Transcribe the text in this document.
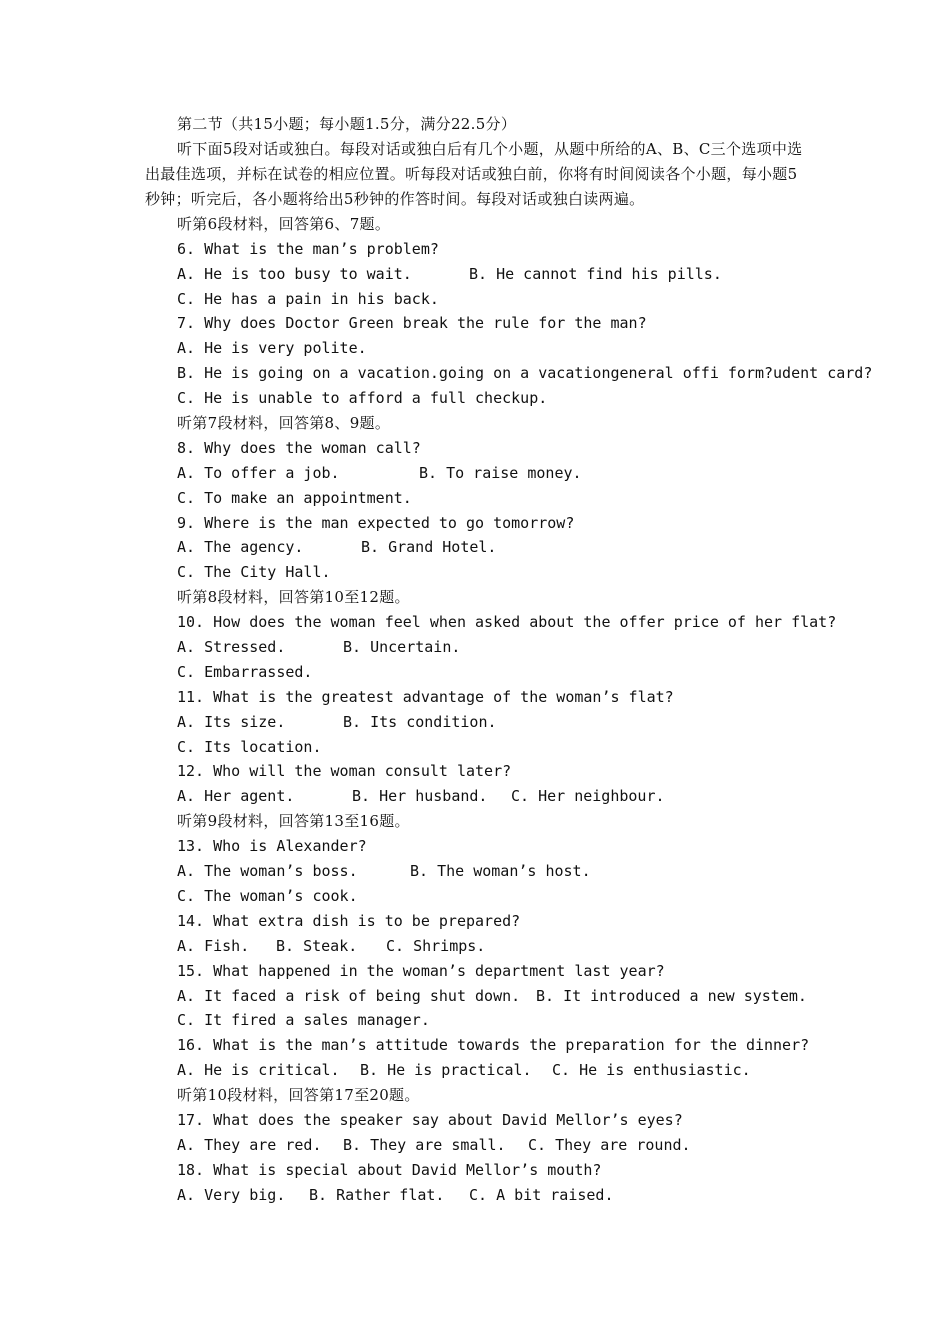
第二节（共15小题；每小题1.5分，满分22.5分）
听下面5段对话或独白。每段对话或独白后有几个小题，从题中所给的A、B、C三个选项中选出最佳选项，并标在试卷的相应位置。听每段对话或独白前，你将有时间阅读各个小题，每小题5秒钟；听完后，各小题将给出5秒钟的作答时间。每段对话或独白读两遍。
听第6段材料，回答第6、7题。
6. What is the man’s problem?
A. He is too busy to wait.	B. He cannot find his pills.
C. He has a pain in his back.
7. Why does Doctor Green break the rule for the man?
A. He is very polite.
B. He is going on a vacation.going on a vacationgeneral offi form?udent card?
C. He is unable to afford a full checkup.
听第7段材料，回答第8、9题。
8. Why does the woman call?
A. To offer a job.	B. To raise money.
C. To make an appointment.
9. Where is the man expected to go tomorrow?
A. The agency.	B. Grand Hotel.
C. The City Hall.
听第8段材料，回答第10至12题。
10. How does the woman feel when asked about the offer price of her flat?
A. Stressed.	B. Uncertain.
C. Embarrassed.
11. What is the greatest advantage of the woman’s flat?
A. Its size.	B. Its condition.
C. Its location.
12. Who will the woman consult later?
A. Her agent.	B. Her husband. C. Her neighbour.
听第9段材料，回答第13至16题。
13. Who is Alexander?
A. The woman’s boss.	B. The woman’s host.
C. The woman’s cook.
14. What extra dish is to be prepared?
A. Fish. B. Steak. C. Shrimps.
15. What happened in the woman’s department last year?
A. It faced a risk of being shut down. B. It introduced a new system.
C. It fired a sales manager.
16. What is the man’s attitude towards the preparation for the dinner?
A. He is critical. B. He is practical. C. He is enthusiastic.
听第10段材料，回答第17至20题。
17. What does the speaker say about David Mellor’s eyes?
A. They are red. B. They are small. C. They are round.
18. What is special about David Mellor’s mouth?
A. Very big. B. Rather flat. C. A bit raised.
